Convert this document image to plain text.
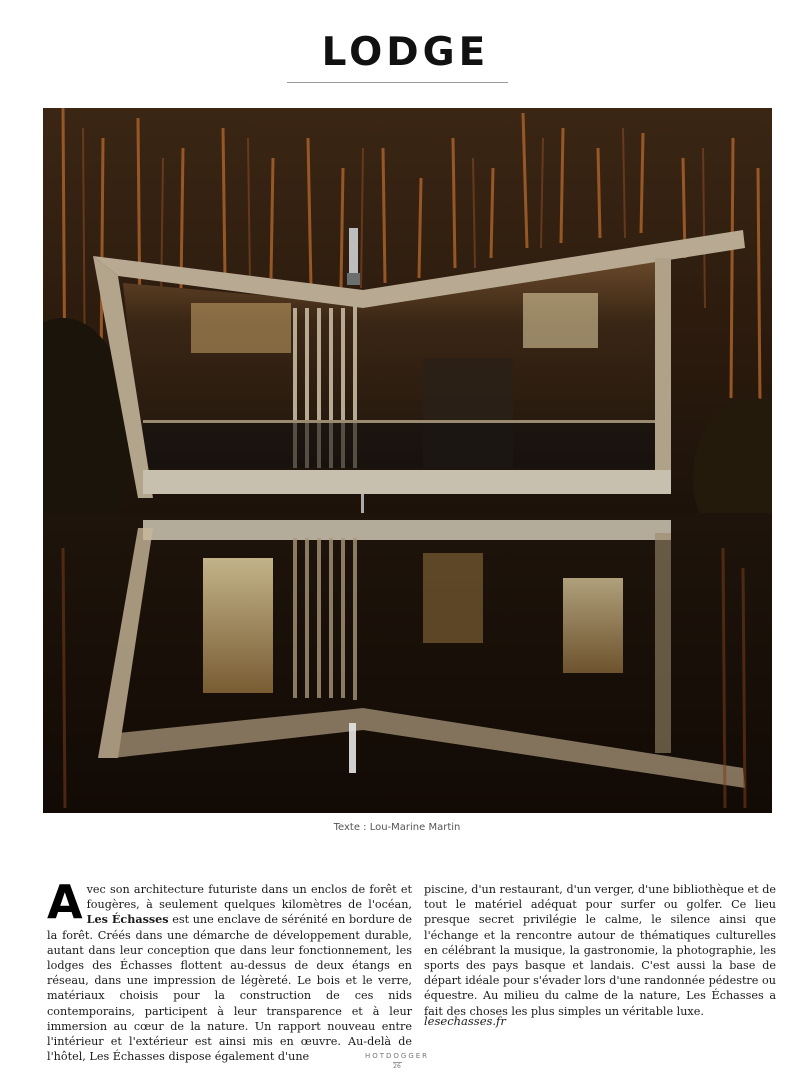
LODGE
Texte : Lou-Marine Martin
Avec son architecture futuriste dans un enclos de forêt et fougères, à seulement quelques kilomètres de l'océan, Les Échasses est une enclave de sérénité en bordure de la forêt. Créés dans une démarche de développement durable, autant dans leur conception que dans leur fonctionnement, les lodges des Échasses flottent au-dessus de deux étangs en réseau, dans une impression de légèreté. Le bois et le verre, matériaux choisis pour la construction de ces nids contemporains, participent à leur transparence et à leur immersion au cœur de la nature. Un rapport nouveau entre l'intérieur et l'extérieur est ainsi mis en œuvre. Au-delà de l'hôtel, Les Échasses dispose également d'une
piscine, d'un restaurant, d'un verger, d'une bibliothèque et de tout le matériel adéquat pour surfer ou golfer. Ce lieu presque secret privilégie le calme, le silence ainsi que l'échange et la rencontre autour de thématiques culturelles en célébrant la musique, la gastronomie, la photographie, les sports des pays basque et landais. C'est aussi la base de départ idéale pour s'évader lors d'une randonnée pédestre ou équestre. Au milieu du calme de la nature, Les Échasses a fait des choses les plus simples un véritable luxe.
lesechasses.fr
HOTDOGGER
26
